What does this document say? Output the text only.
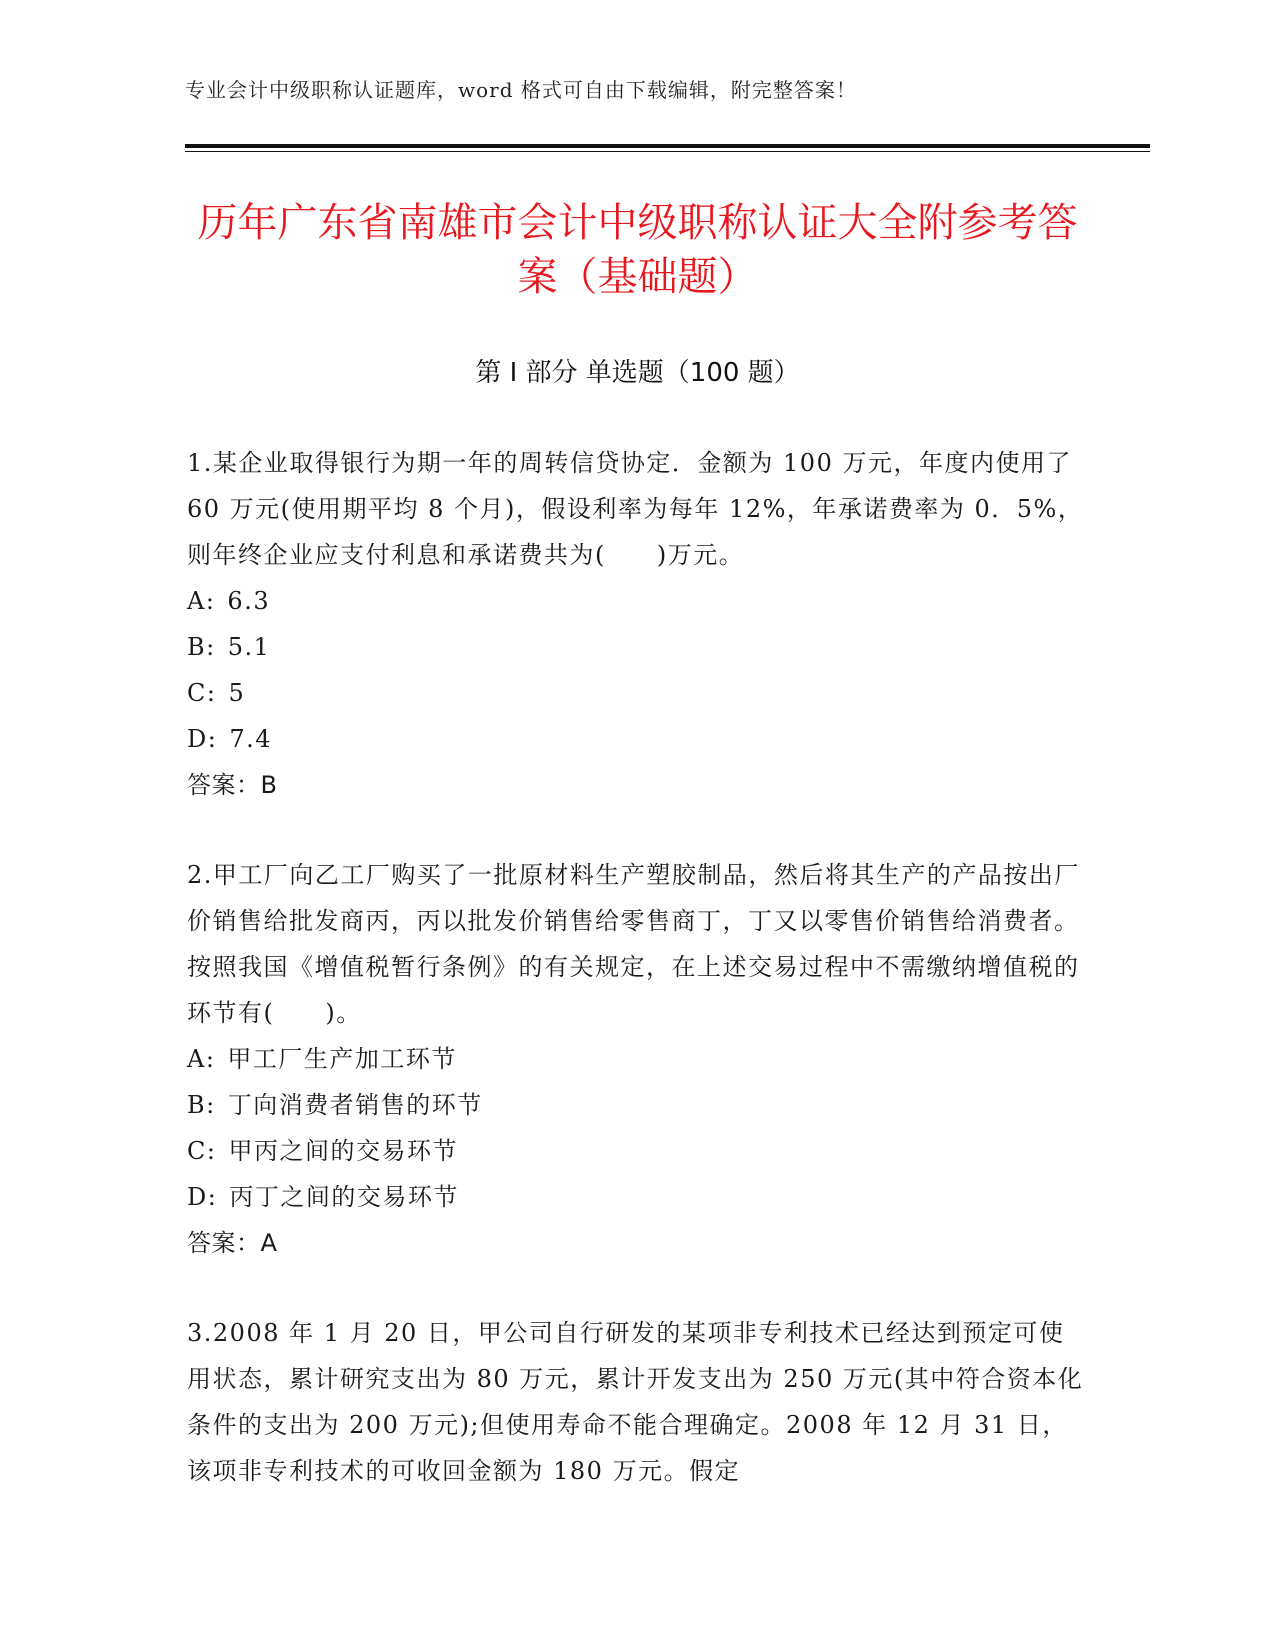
专业会计中级职称认证题库，word 格式可自由下载编辑，附完整答案！
历年广东省南雄市会计中级职称认证大全附参考答案（基础题）
第 I 部分 单选题（100 题）

1.某企业取得银行为期一年的周转信贷协定．金额为 100 万元，年度内使用了 60 万元(使用期平均 8 个月)，假设利率为每年 12%，年承诺费率为 0．5%，则年终企业应支付利息和承诺费共为(　　)万元。

A: 6.3

B: 5.1

C: 5

D: 7.4

答案：B

2.甲工厂向乙工厂购买了一批原材料生产塑胶制品，然后将其生产的产品按出厂价销售给批发商丙，丙以批发价销售给零售商丁，丁又以零售价销售给消费者。按照我国《增值税暂行条例》的有关规定，在上述交易过程中不需缴纳增值税的环节有(　　)。

A: 甲工厂生产加工环节

B: 丁向消费者销售的环节

C: 甲丙之间的交易环节

D: 丙丁之间的交易环节

答案：A

3.2008 年 1 月 20 日，甲公司自行研发的某项非专利技术已经达到预定可使用状态，累计研究支出为 80 万元，累计开发支出为 250 万元(其中符合资本化条件的支出为 200 万元);但使用寿命不能合理确定。2008 年 12 月 31 日，该项非专利技术的可收回金额为 180 万元。假定
